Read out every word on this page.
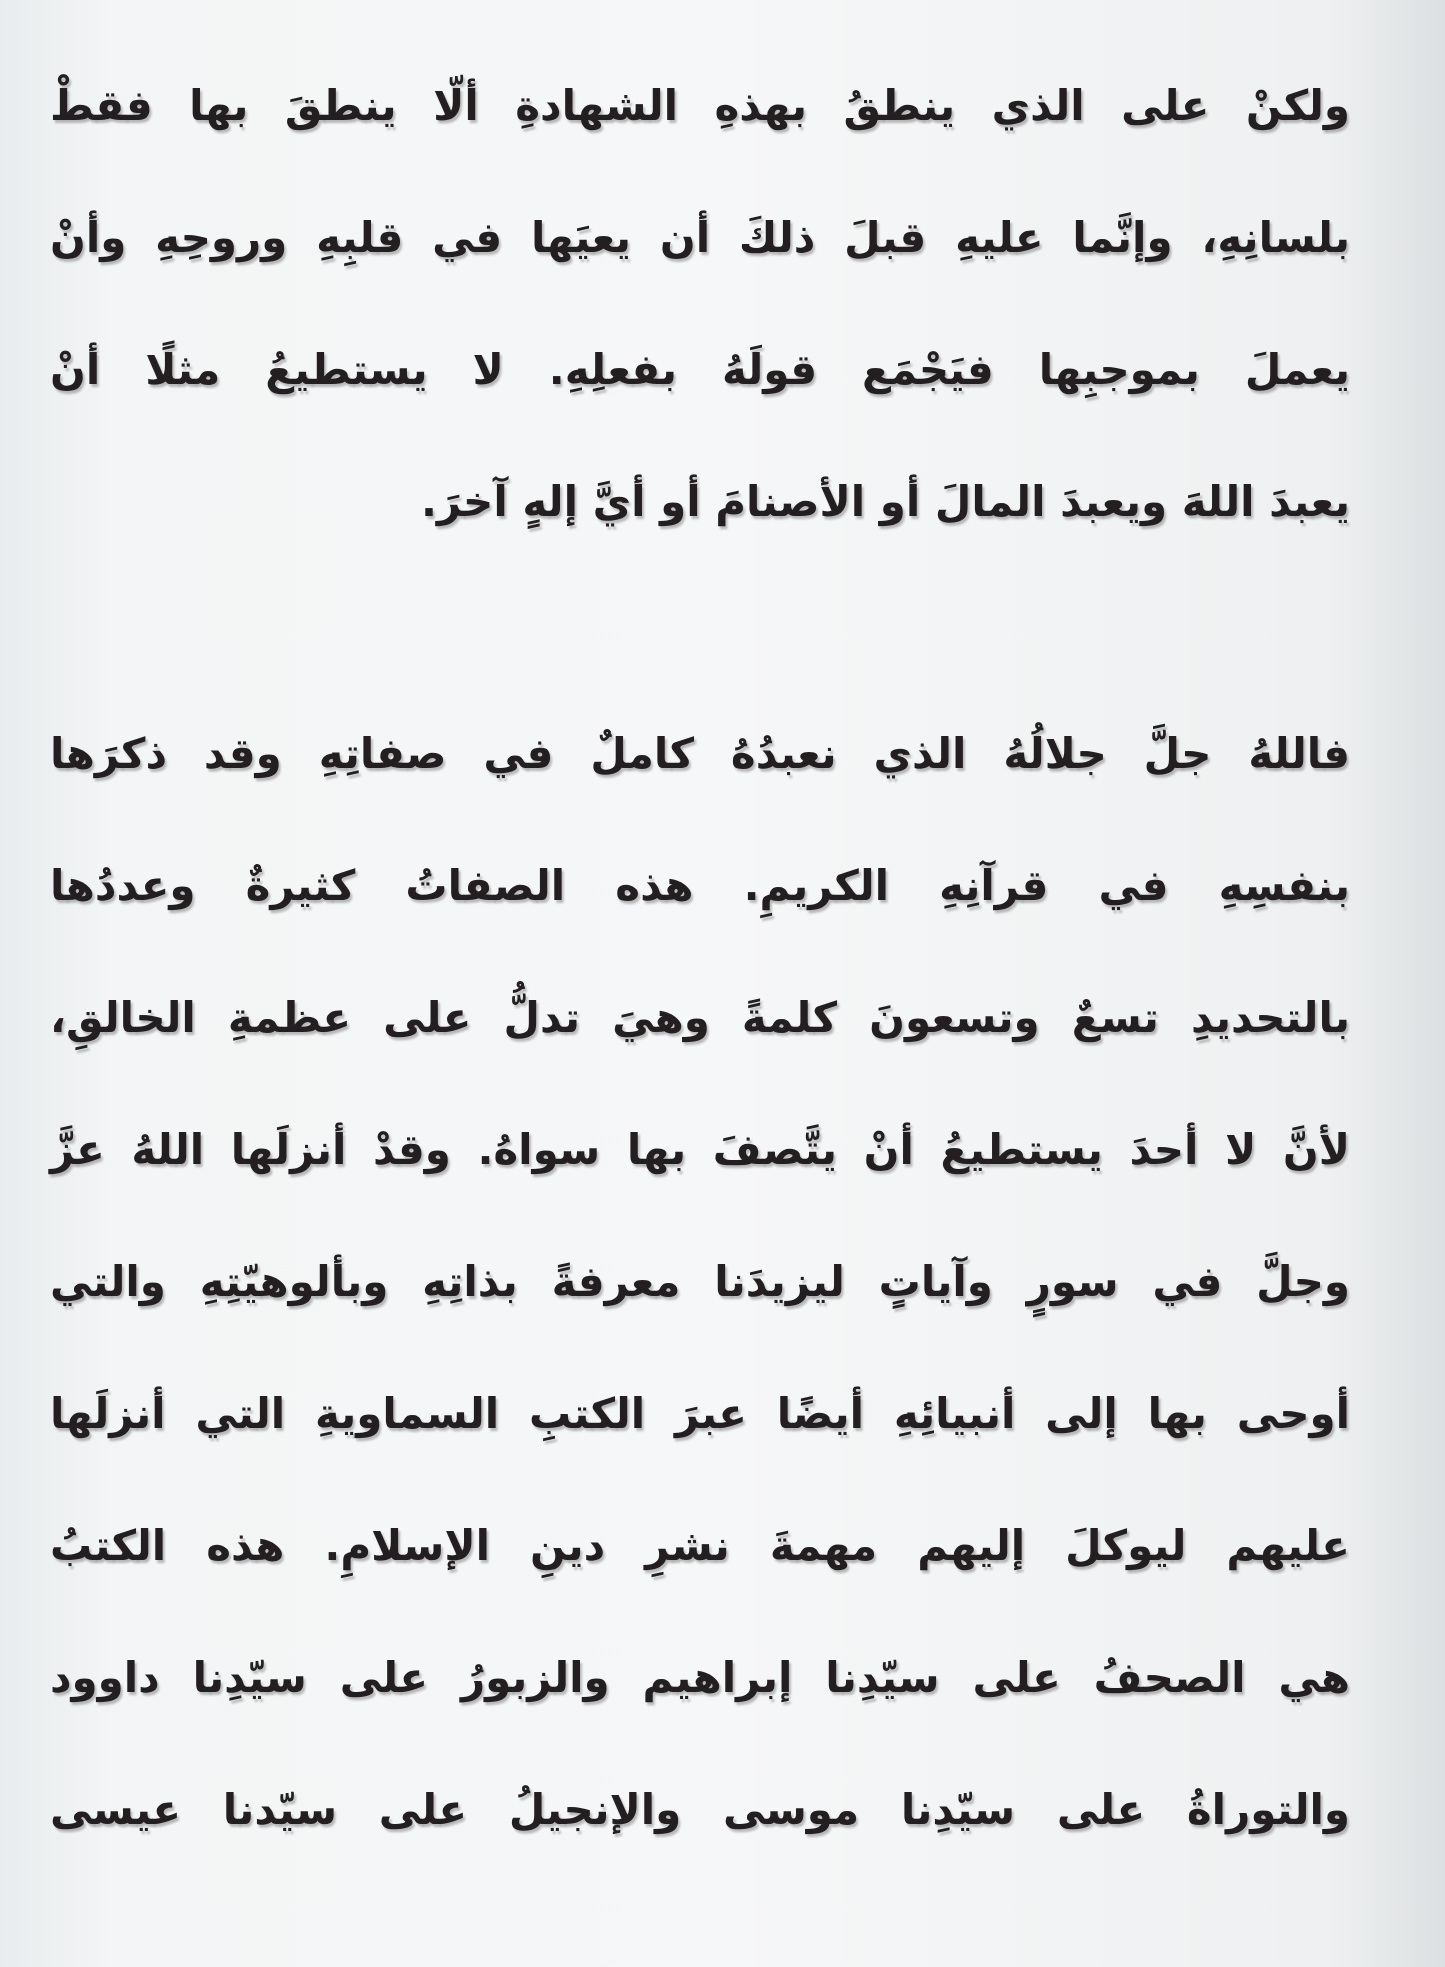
ولكنْ على الذي ينطقُ بهذهِ الشهادةِ ألّا ينطقَ بها فقطْ
بلسانِهِ، وإنَّما عليهِ قبلَ ذلكَ أن يعيَها في قلبِهِ وروحِهِ وأنْ
يعملَ بموجبِها فيَجْمَع قولَهُ بفعلِهِ. لا يستطيعُ مثلًا أنْ
يعبدَ اللهَ ويعبدَ المالَ أو الأصنامَ أو أيَّ إلهٍ آخرَ.
فاللهُ جلَّ جلالُهُ الذي نعبدُهُ كاملٌ في صفاتِهِ وقد ذكرَها
بنفسِهِ في قرآنِهِ الكريمِ. هذه الصفاتُ كثيرةٌ وعددُها
بالتحديدِ تسعٌ وتسعونَ كلمةً وهيَ تدلُّ على عظمةِ الخالقِ،
لأنَّ لا أحدَ يستطيعُ أنْ يتَّصفَ بها سواهُ. وقدْ أنزلَها اللهُ عزَّ
وجلَّ في سورٍ وآياتٍ ليزيدَنا معرفةً بذاتِهِ وبألوهيّتِهِ والتي
أوحى بها إلى أنبيائِهِ أيضًا عبرَ الكتبِ السماويةِ التي أنزلَها
عليهم ليوكلَ إليهم مهمةَ نشرِ دينِ الإسلامِ. هذه الكتبُ
هي الصحفُ على سيّدِنا إبراهيم والزبورُ على سيّدِنا داوود
والتوراةُ على سيّدِنا موسى والإنجيلُ على سيّدنا عيسى
